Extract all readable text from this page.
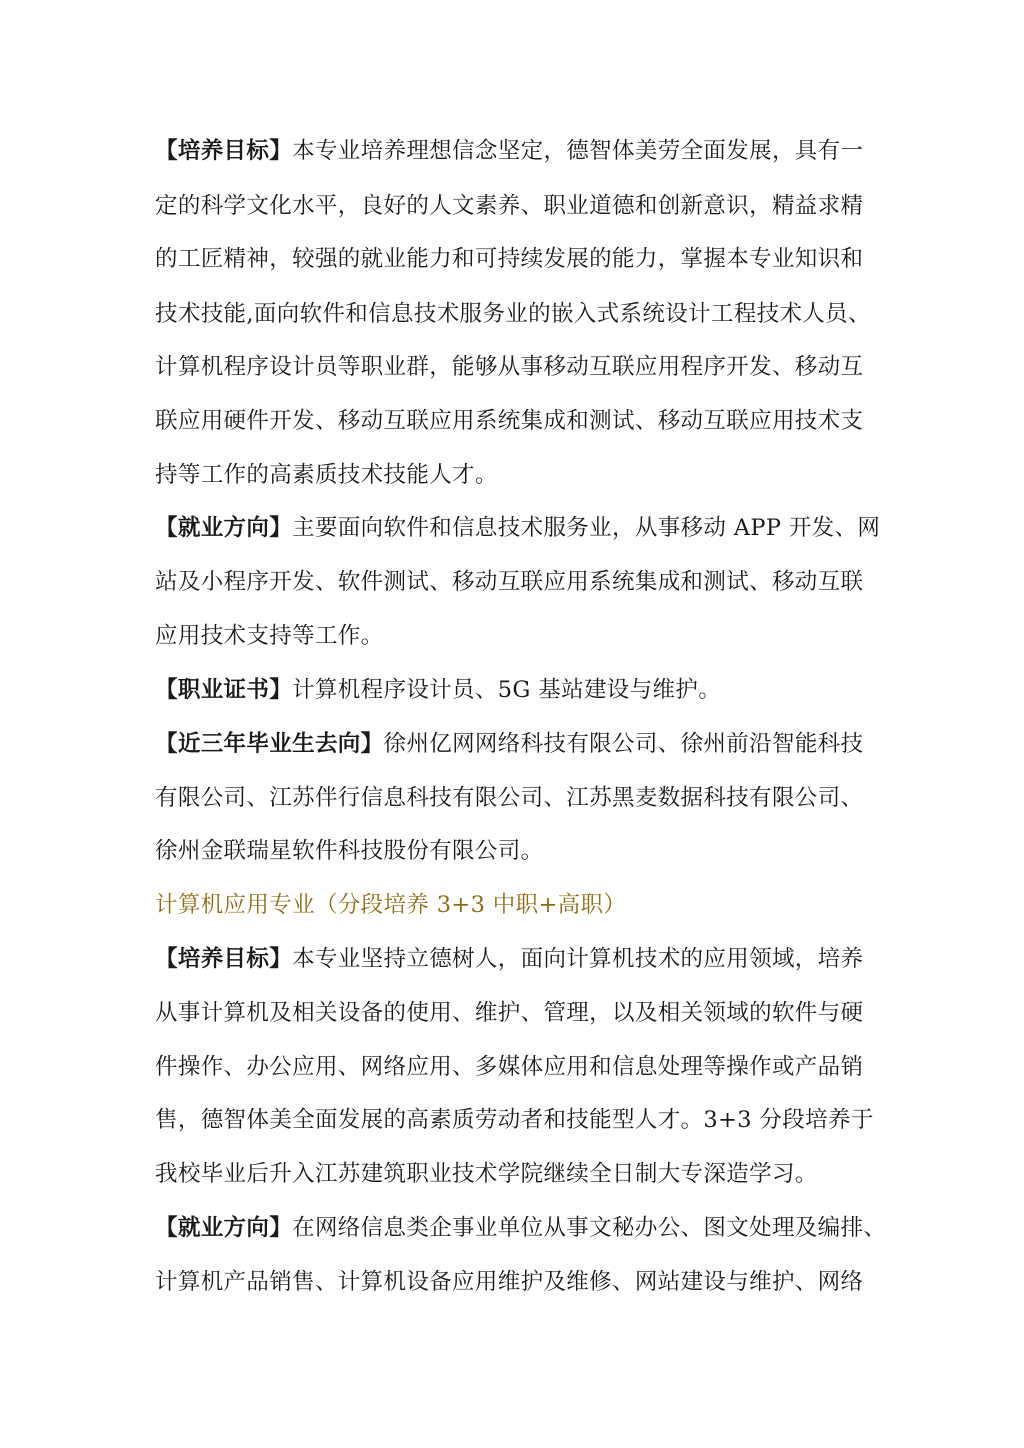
【培养目标】本专业培养理想信念坚定，德智体美劳全面发展，具有一
定的科学文化水平，良好的人文素养、职业道德和创新意识，精益求精
的工匠精神，较强的就业能力和可持续发展的能力，掌握本专业知识和
技术技能,面向软件和信息技术服务业的嵌入式系统设计工程技术人员、
计算机程序设计员等职业群，能够从事移动互联应用程序开发、移动互
联应用硬件开发、移动互联应用系统集成和测试、移动互联应用技术支
持等工作的高素质技术技能人才。
【就业方向】主要面向软件和信息技术服务业，从事移动 APP 开发、网
站及小程序开发、软件测试、移动互联应用系统集成和测试、移动互联
应用技术支持等工作。
【职业证书】计算机程序设计员、5G 基站建设与维护。
【近三年毕业生去向】徐州亿网网络科技有限公司、徐州前沿智能科技
有限公司、江苏伴行信息科技有限公司、江苏黑麦数据科技有限公司、
徐州金联瑞星软件科技股份有限公司。
计算机应用专业（分段培养 3+3 中职+高职）
【培养目标】本专业坚持立德树人，面向计算机技术的应用领域，培养
从事计算机及相关设备的使用、维护、管理，以及相关领域的软件与硬
件操作、办公应用、网络应用、多媒体应用和信息处理等操作或产品销
售，德智体美全面发展的高素质劳动者和技能型人才。3+3 分段培养于
我校毕业后升入江苏建筑职业技术学院继续全日制大专深造学习。
【就业方向】在网络信息类企事业单位从事文秘办公、图文处理及编排、
计算机产品销售、计算机设备应用维护及维修、网站建设与维护、网络
